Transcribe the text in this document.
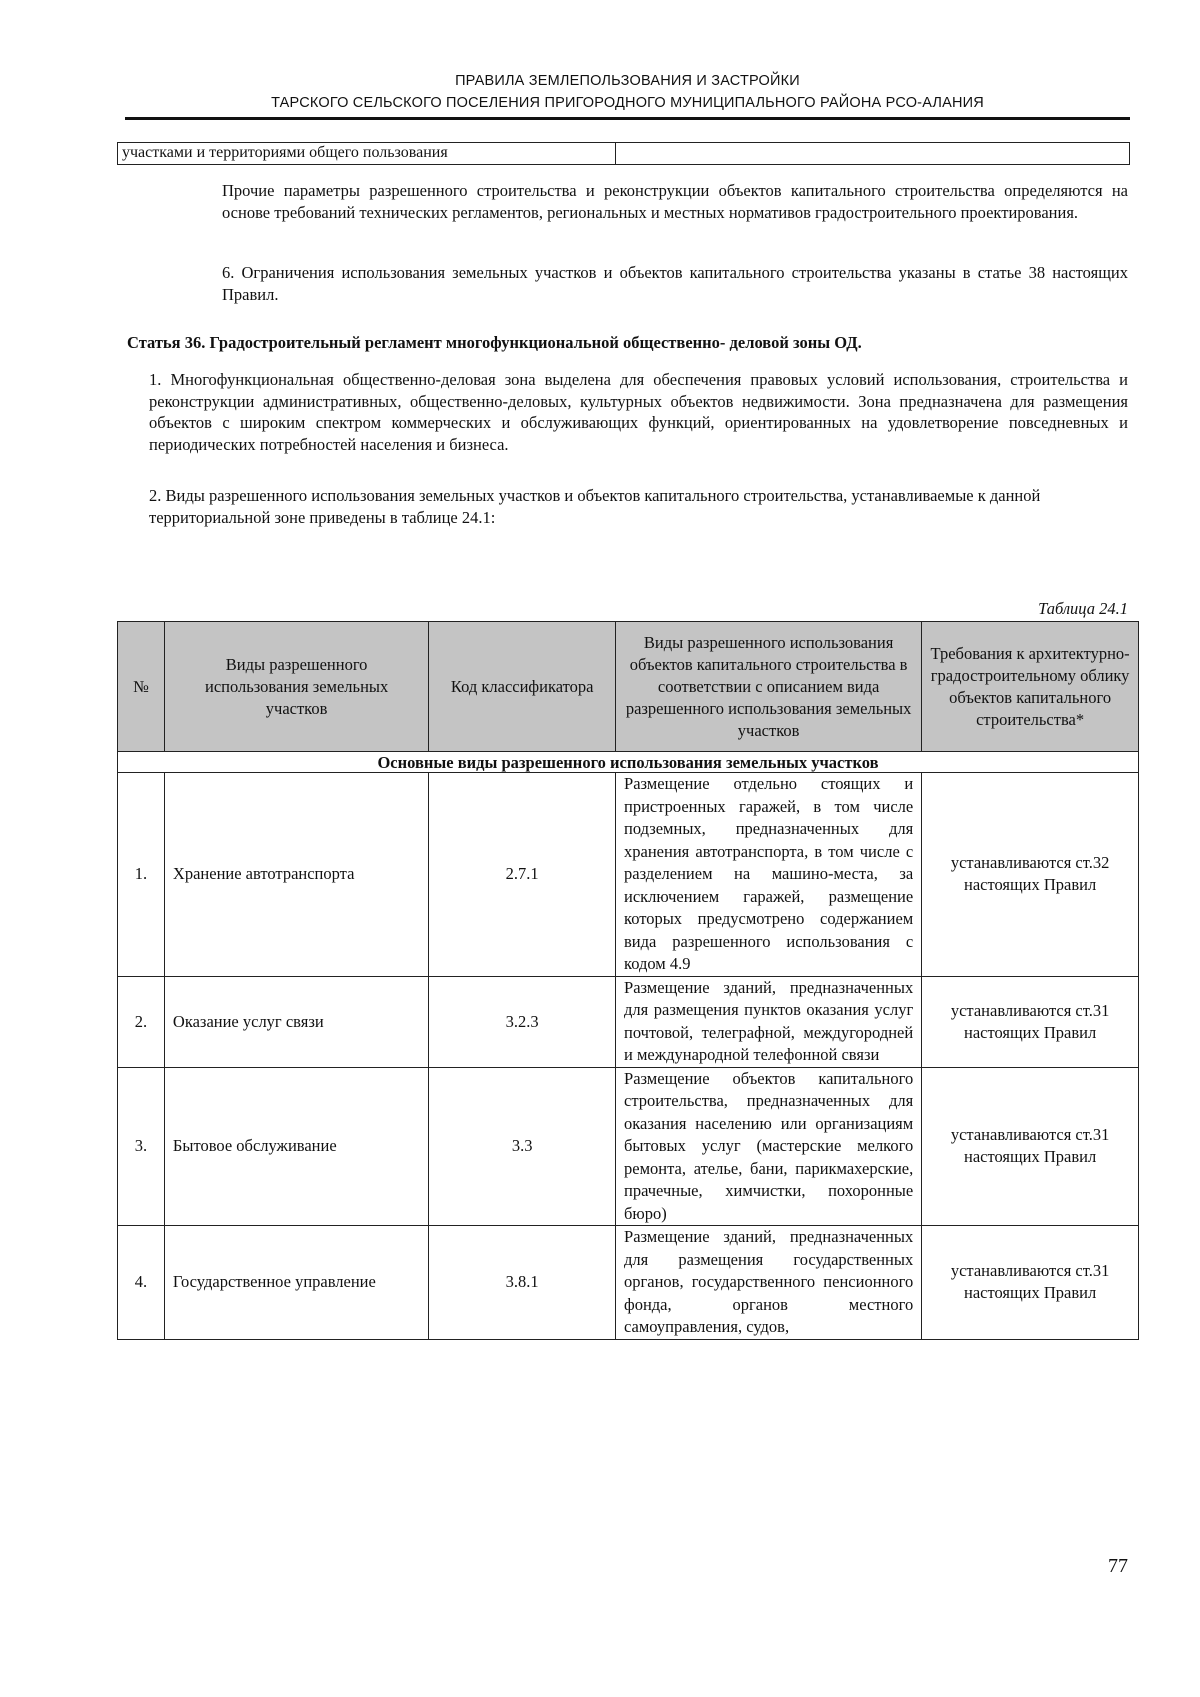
ПРАВИЛА ЗЕМЛЕПОЛЬЗОВАНИЯ И ЗАСТРОЙКИ
ТАРСКОГО СЕЛЬСКОГО ПОСЕЛЕНИЯ ПРИГОРОДНОГО МУНИЦИПАЛЬНОГО РАЙОНА РСО-АЛАНИЯ
участками и территориями общего пользования
Прочие параметры разрешенного строительства и реконструкции объектов капитального строительства определяются на основе требований технических регламентов, региональных и местных нормативов градостроительного проектирования.
6. Ограничения использования земельных участков и объектов капитального строительства указаны в статье 38 настоящих Правил.
Статья 36. Градостроительный регламент многофункциональной общественно- деловой зоны ОД.
1. Многофункциональная общественно-деловая зона выделена для обеспечения правовых условий использования, строительства и реконструкции административных, общественно-деловых, культурных объектов недвижимости. Зона предназначена для размещения объектов с широким спектром коммерческих и обслуживающих функций, ориентированных на удовлетворение повседневных и периодических потребностей населения и бизнеса.
2. Виды разрешенного использования земельных участков и объектов капитального строительства, устанавливаемые к данной территориальной зоне приведены в таблице 24.1:
Таблица 24.1
№	Виды разрешенного использования земельных участков	Код классификатора	Виды разрешенного использования объектов капитального строительства в соответствии с описанием вида разрешенного использования земельных участков	Требования к архитектурно-градостроительному облику объектов капитального строительства*
Основные виды разрешенного использования земельных участков				
1.	Хранение автотранспорта	2.7.1	Размещение отдельно стоящих и пристроенных гаражей, в том числе подземных, предназначенных для хранения автотранспорта, в том числе с разделением на машино-места, за исключением гаражей, размещение которых предусмотрено содержанием вида разрешенного использования с кодом 4.9	устанавливаются ст.32 настоящих Правил
2.	Оказание услуг связи	3.2.3	Размещение зданий, предназначенных для размещения пунктов оказания услуг почтовой, телеграфной, междугородней и международной телефонной связи	устанавливаются ст.31 настоящих Правил
3.	Бытовое обслуживание	3.3	Размещение объектов капитального строительства, предназначенных для оказания населению или организациям бытовых услуг (мастерские мелкого ремонта, ателье, бани, парикмахерские, прачечные, химчистки, похоронные бюро)	устанавливаются ст.31 настоящих Правил
4.	Государственное управление	3.8.1	Размещение зданий, предназначенных для размещения государственных органов, государственного пенсионного фонда, органов местного самоуправления, судов,	устанавливаются ст.31 настоящих Правил
77
